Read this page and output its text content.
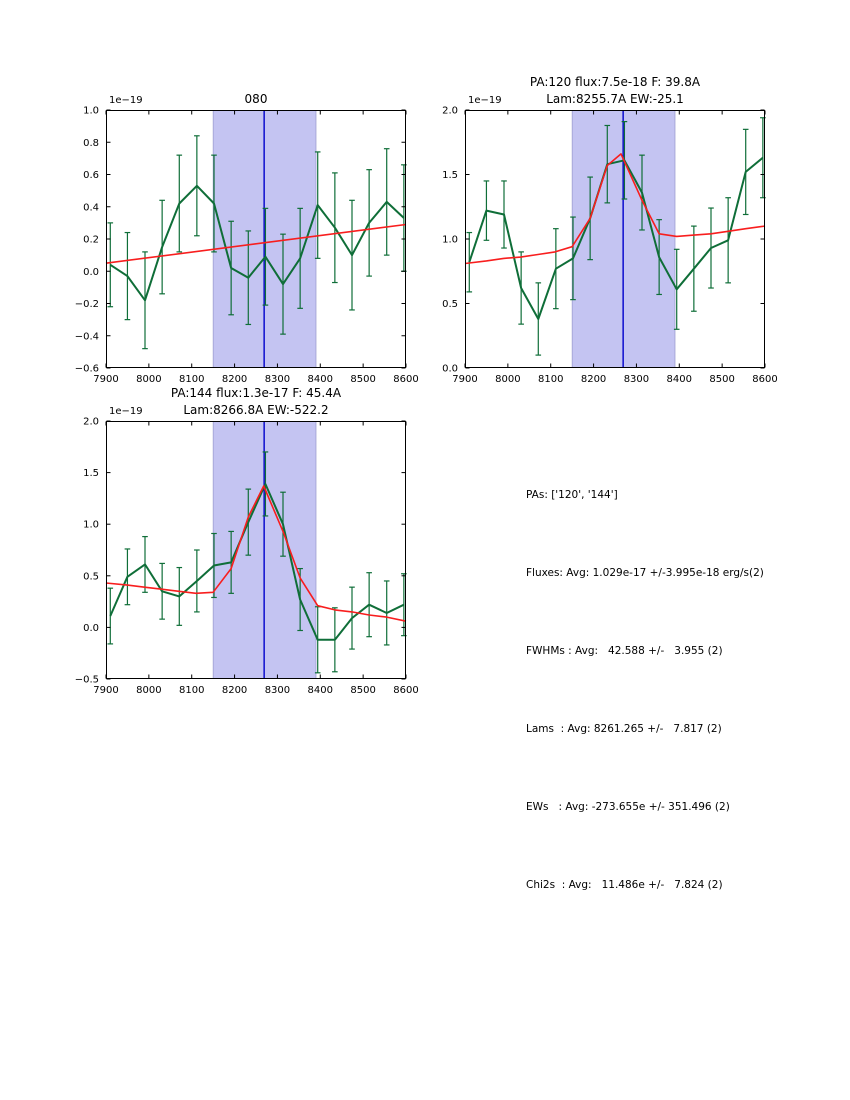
7900 8000 8100 8200 8300 8400 8500 8600
1.0
0.8
0.6
0.4
0.2
0.0
−0.2
−0.4
−0.6
080
1e−19
7900 8000 8100 8200 8300 8400 8500 8600
2.0
1.5
1.0
0.5
0.0
PA:120 flux:7.5e-18 F: 39.8A
Lam:8255.7A EW:-25.1
1e−19
7900 8000 8100 8200 8300 8400 8500 8600
2.0
1.5
1.0
0.5
0.0
−0.5
PA:144 flux:1.3e-17 F: 45.4A
Lam:8266.8A EW:-522.2
1e−19

PAs: ['120', '144']

Fluxes: Avg: 1.029e-17 +/-3.995e-18 erg/s(2)

FWHMs : Avg:   42.588 +/-   3.955 (2)

Lams  : Avg: 8261.265 +/-   7.817 (2)

EWs   : Avg: -273.655e +/- 351.496 (2)

Chi2s  : Avg:   11.486e +/-   7.824 (2)
